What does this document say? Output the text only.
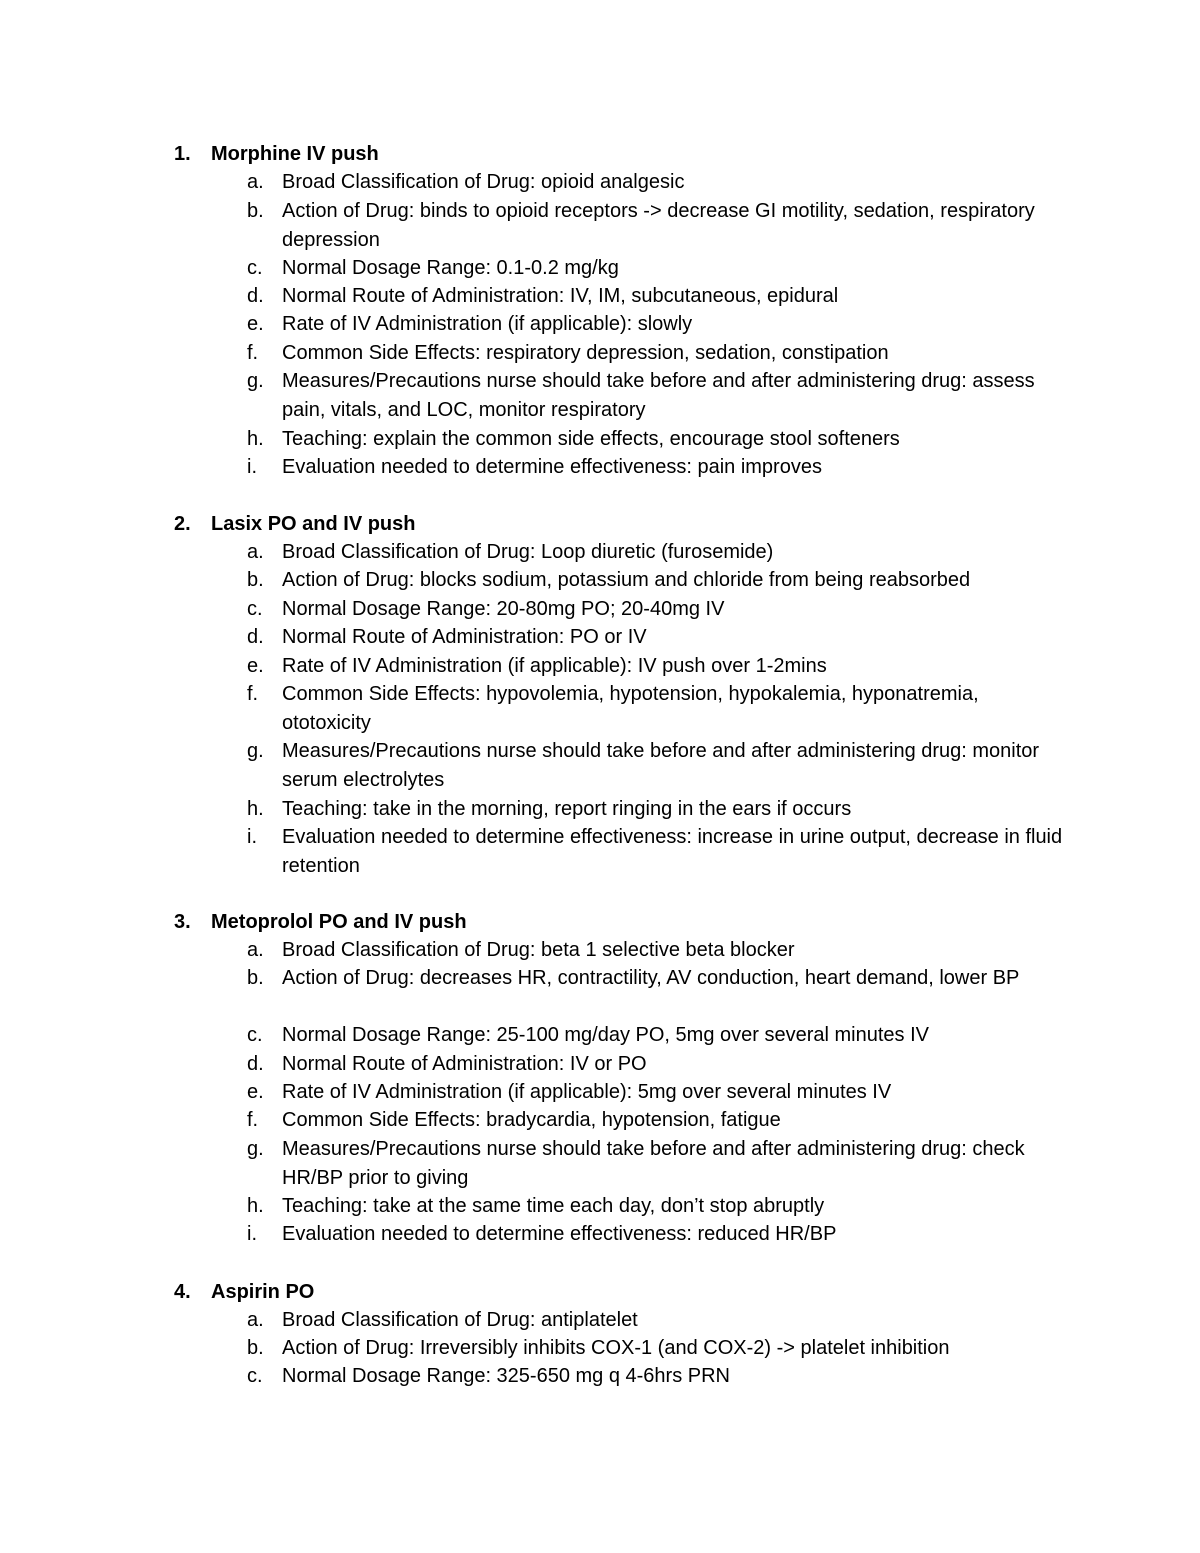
1. Morphine IV push
a. Broad Classification of Drug: opioid analgesic
b. Action of Drug: binds to opioid receptors -> decrease GI motility, sedation, respiratory depression
c. Normal Dosage Range: 0.1-0.2 mg/kg
d. Normal Route of Administration: IV, IM, subcutaneous, epidural
e. Rate of IV Administration (if applicable): slowly
f. Common Side Effects: respiratory depression, sedation, constipation
g. Measures/Precautions nurse should take before and after administering drug: assess pain, vitals, and LOC, monitor respiratory
h. Teaching: explain the common side effects, encourage stool softeners
i. Evaluation needed to determine effectiveness: pain improves
2. Lasix PO and IV push
a. Broad Classification of Drug: Loop diuretic (furosemide)
b. Action of Drug: blocks sodium, potassium and chloride from being reabsorbed
c. Normal Dosage Range: 20-80mg PO; 20-40mg IV
d. Normal Route of Administration: PO or IV
e. Rate of IV Administration (if applicable): IV push over 1-2mins
f. Common Side Effects: hypovolemia, hypotension, hypokalemia, hyponatremia, ototoxicity
g. Measures/Precautions nurse should take before and after administering drug: monitor serum electrolytes
h. Teaching: take in the morning, report ringing in the ears if occurs
i. Evaluation needed to determine effectiveness: increase in urine output, decrease in fluid retention
3. Metoprolol PO and IV push
a. Broad Classification of Drug: beta 1 selective beta blocker
b. Action of Drug: decreases HR, contractility, AV conduction, heart demand, lower BP
c. Normal Dosage Range: 25-100 mg/day PO, 5mg over several minutes IV
d. Normal Route of Administration: IV or PO
e. Rate of IV Administration (if applicable): 5mg over several minutes IV
f. Common Side Effects: bradycardia, hypotension, fatigue
g. Measures/Precautions nurse should take before and after administering drug: check HR/BP prior to giving
h. Teaching: take at the same time each day, don’t stop abruptly
i. Evaluation needed to determine effectiveness: reduced HR/BP
4. Aspirin PO
a. Broad Classification of Drug: antiplatelet
b. Action of Drug: Irreversibly inhibits COX-1 (and COX-2) -> platelet inhibition
c. Normal Dosage Range: 325-650 mg q 4-6hrs PRN
